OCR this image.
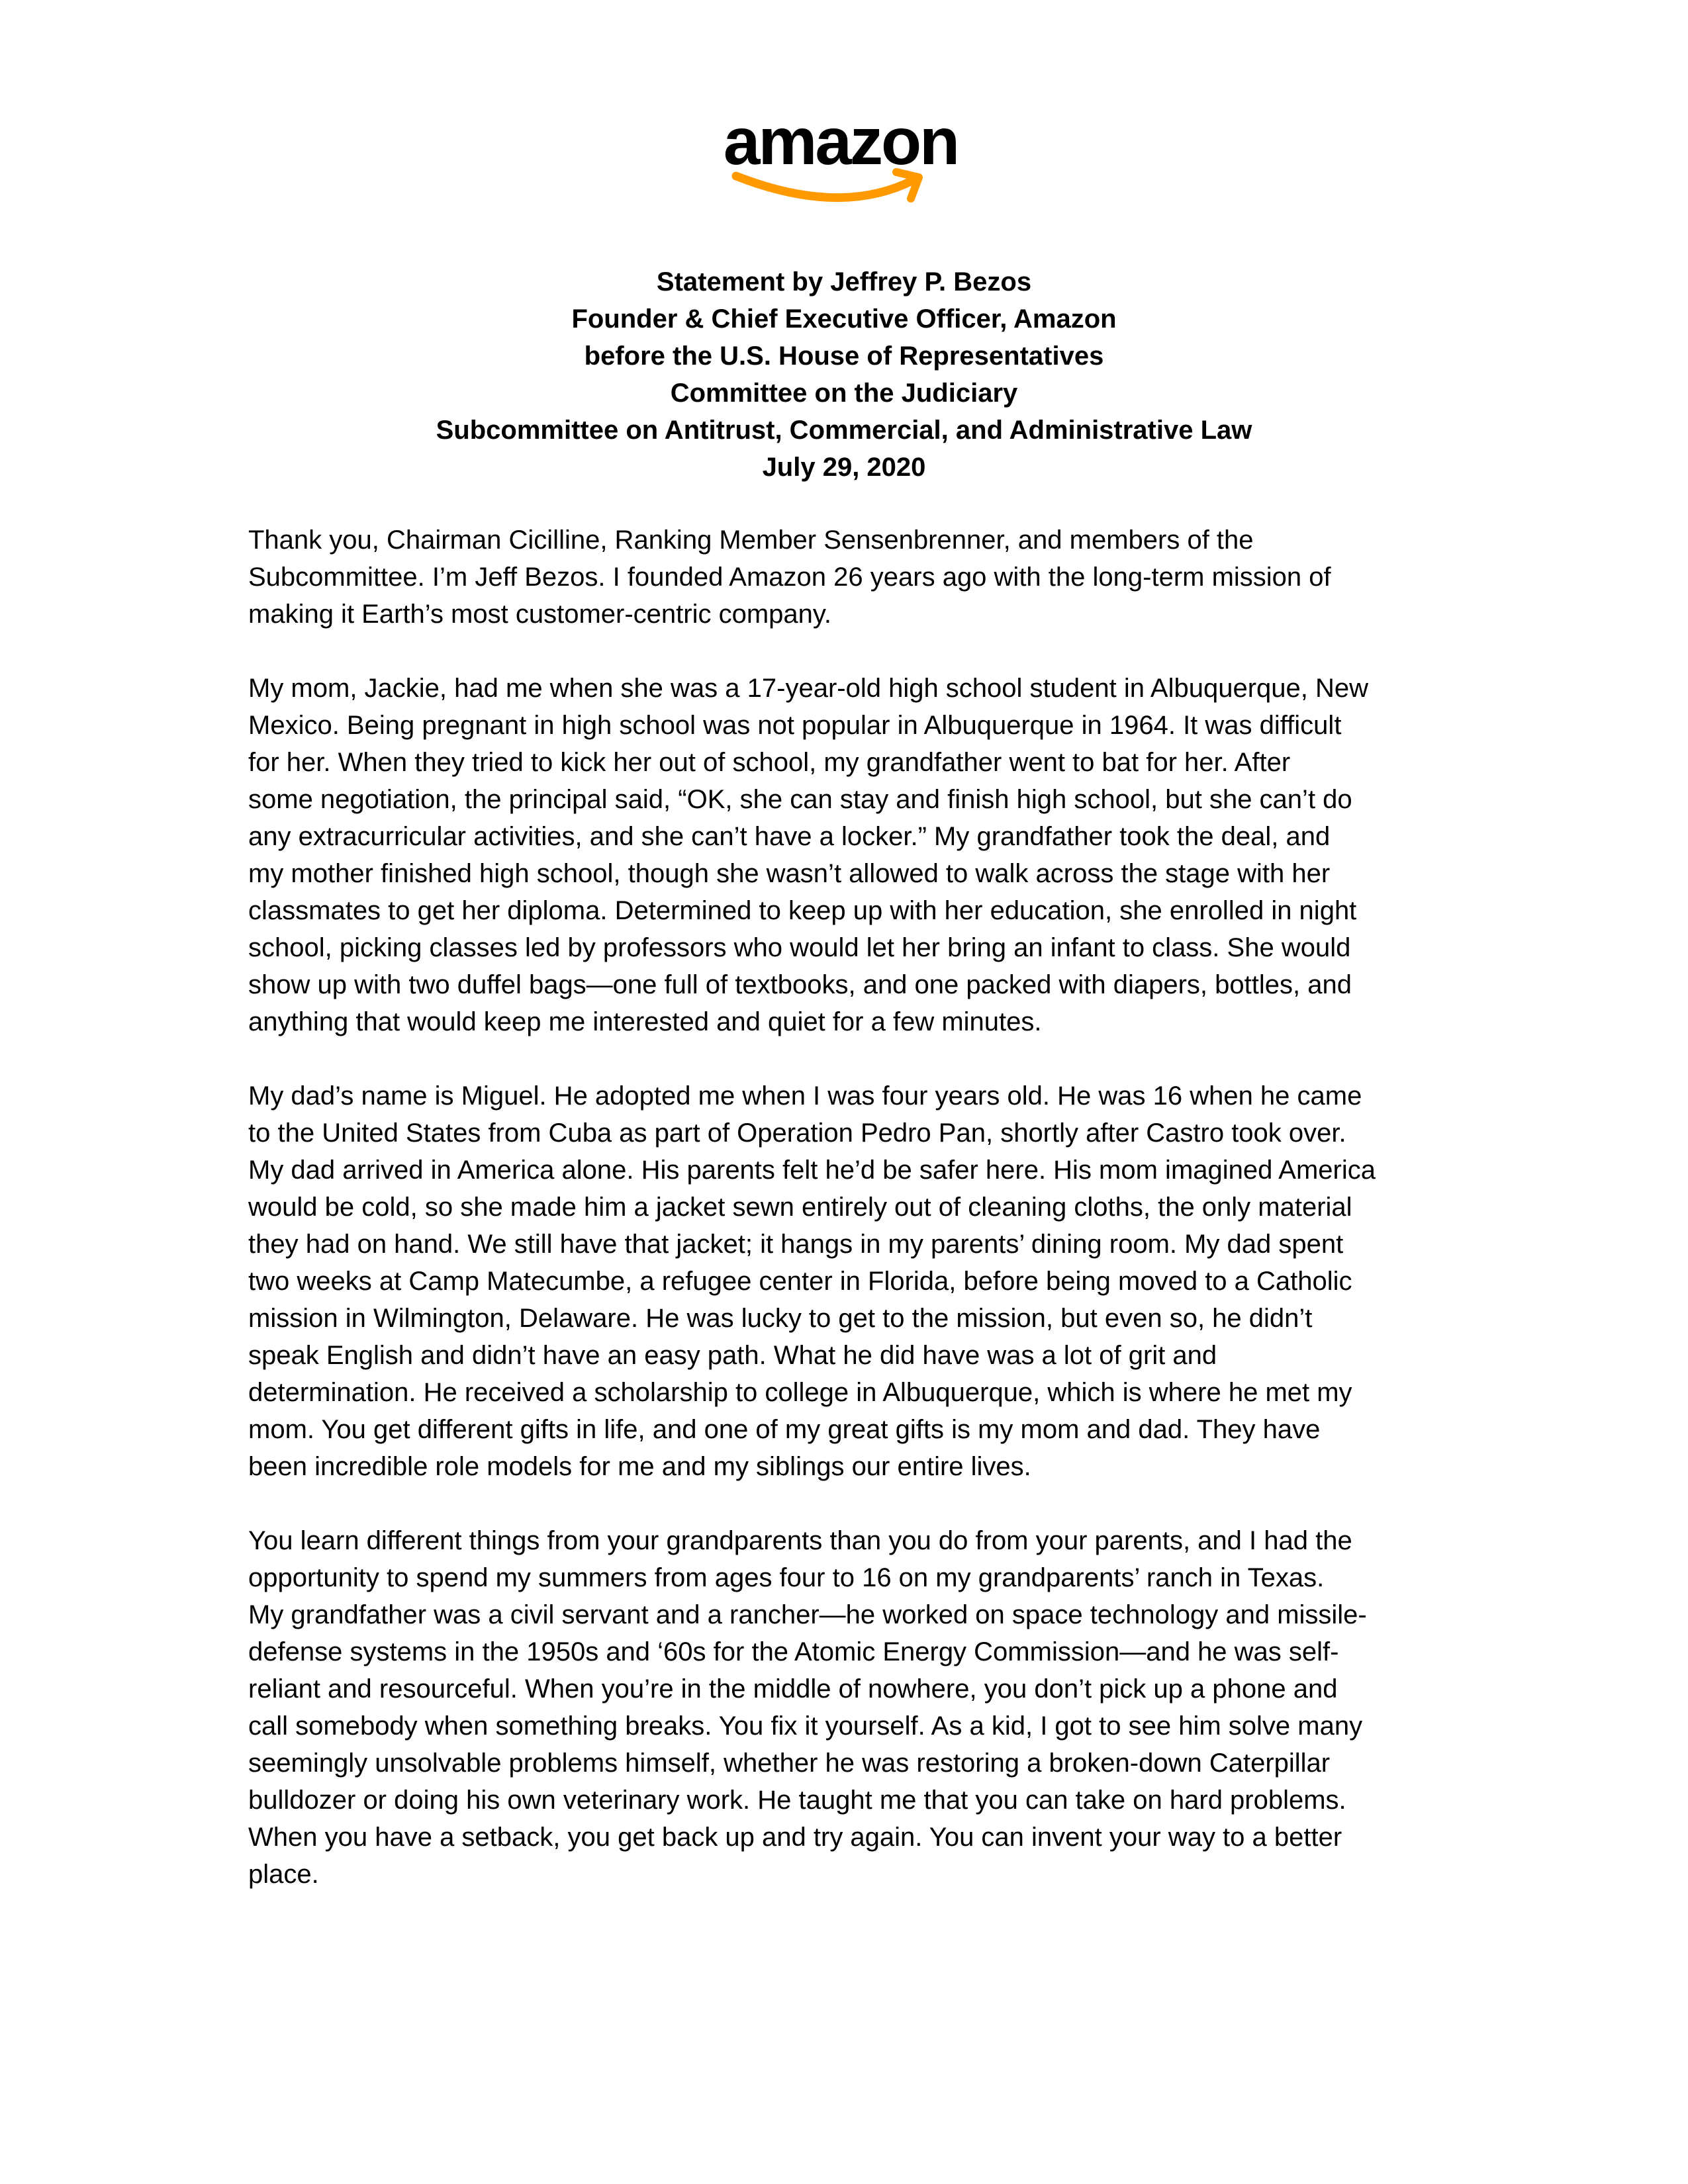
amazon
Statement by Jeffrey P. Bezos
Founder & Chief Executive Officer, Amazon
before the U.S. House of Representatives
Committee on the Judiciary
Subcommittee on Antitrust, Commercial, and Administrative Law
July 29, 2020

Thank you, Chairman Cicilline, Ranking Member Sensenbrenner, and members of the
Subcommittee. I’m Jeff Bezos. I founded Amazon 26 years ago with the long-term mission of
making it Earth’s most customer-centric company.

My mom, Jackie, had me when she was a 17-year-old high school student in Albuquerque, New
Mexico. Being pregnant in high school was not popular in Albuquerque in 1964. It was difficult
for her. When they tried to kick her out of school, my grandfather went to bat for her. After
some negotiation, the principal said, “OK, she can stay and finish high school, but she can’t do
any extracurricular activities, and she can’t have a locker.” My grandfather took the deal, and
my mother finished high school, though she wasn’t allowed to walk across the stage with her
classmates to get her diploma. Determined to keep up with her education, she enrolled in night
school, picking classes led by professors who would let her bring an infant to class. She would
show up with two duffel bags—one full of textbooks, and one packed with diapers, bottles, and
anything that would keep me interested and quiet for a few minutes.

My dad’s name is Miguel. He adopted me when I was four years old. He was 16 when he came
to the United States from Cuba as part of Operation Pedro Pan, shortly after Castro took over.
My dad arrived in America alone. His parents felt he’d be safer here. His mom imagined America
would be cold, so she made him a jacket sewn entirely out of cleaning cloths, the only material
they had on hand. We still have that jacket; it hangs in my parents’ dining room. My dad spent
two weeks at Camp Matecumbe, a refugee center in Florida, before being moved to a Catholic
mission in Wilmington, Delaware. He was lucky to get to the mission, but even so, he didn’t
speak English and didn’t have an easy path. What he did have was a lot of grit and
determination. He received a scholarship to college in Albuquerque, which is where he met my
mom. You get different gifts in life, and one of my great gifts is my mom and dad. They have
been incredible role models for me and my siblings our entire lives.

You learn different things from your grandparents than you do from your parents, and I had the
opportunity to spend my summers from ages four to 16 on my grandparents’ ranch in Texas.
My grandfather was a civil servant and a rancher—he worked on space technology and missile-
defense systems in the 1950s and ‘60s for the Atomic Energy Commission—and he was self-
reliant and resourceful. When you’re in the middle of nowhere, you don’t pick up a phone and
call somebody when something breaks. You fix it yourself. As a kid, I got to see him solve many
seemingly unsolvable problems himself, whether he was restoring a broken-down Caterpillar
bulldozer or doing his own veterinary work. He taught me that you can take on hard problems.
When you have a setback, you get back up and try again. You can invent your way to a better
place.
